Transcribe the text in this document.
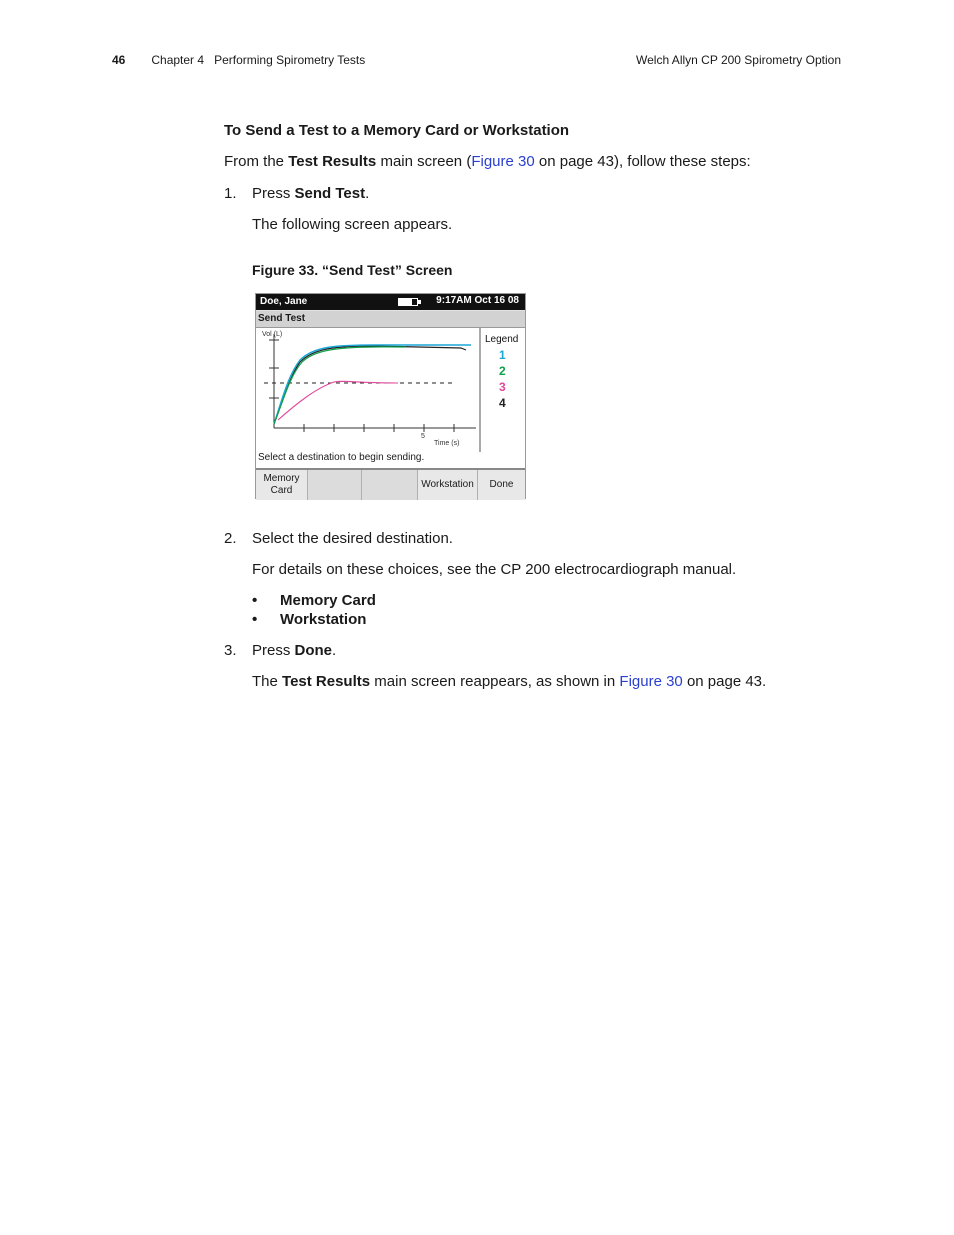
46 Chapter 4 Performing Spirometry Tests	Welch Allyn CP 200 Spirometry Option
To Send a Test to a Memory Card or Workstation
From the Test Results main screen (Figure 30 on page 43), follow these steps:
1. Press Send Test.
The following screen appears.
Figure 33. “Send Test” Screen
Doe, Jane	9:17AM Oct 16 08
Send Test
Vol (L)
5
Time (s)
Legend
1
2
3
4
Select a destination to begin sending.
Memory
Card
Workstation Done
2. Select the desired destination.
For details on these choices, see the CP 200 electrocardiograph manual.
• Memory Card
• Workstation
3. Press Done.
The Test Results main screen reappears, as shown in Figure 30 on page 43.
